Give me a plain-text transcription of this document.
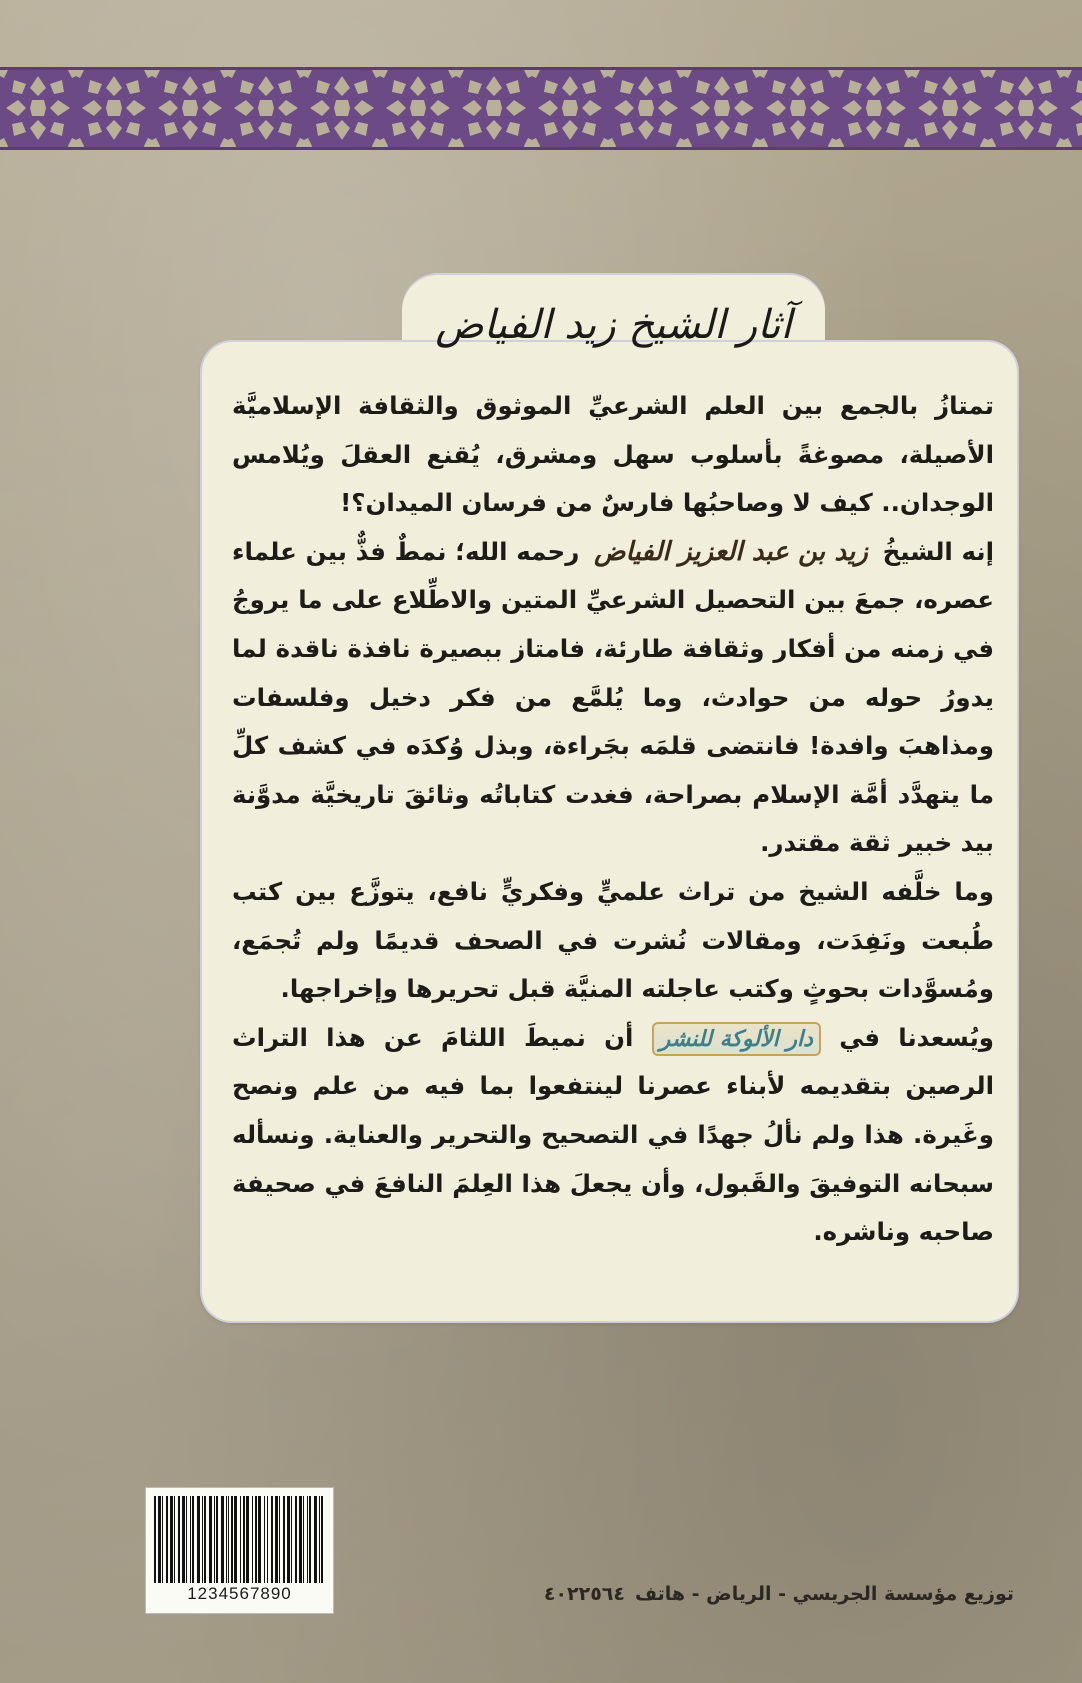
آثار الشيخ زيد الفياض

تمتازُ بالجمع بين العلم الشرعيِّ الموثوق والثقافة الإسلاميَّة الأصيلة، مصوغةً بأسلوب سهل ومشرق، يُقنع العقلَ ويُلامس الوجدان.. كيف لا وصاحبُها فارسٌ من فرسان الميدان؟!

إنه الشيخُ زيد بن عبد العزيز الفياض رحمه الله؛ نمطٌ فذٌّ بين علماء عصره، جمعَ بين التحصيل الشرعيِّ المتين والاطِّلاع على ما يروجُ في زمنه من أفكار وثقافة طارئة، فامتاز ببصيرة نافذة ناقدة لما يدورُ حوله من حوادث، وما يُلمَّع من فكر دخيل وفلسفات ومذاهبَ وافدة! فانتضى قلمَه بجَراءة، وبذل وُكدَه في كشف كلِّ ما يتهدَّد أمَّة الإسلام بصراحة، فغدت كتاباتُه وثائقَ تاريخيَّة مدوَّنة بيد خبير ثقة مقتدر.

وما خلَّفه الشيخ من تراث علميٍّ وفكريٍّ نافع، يتوزَّع بين كتب طُبعت ونَفِدَت، ومقالات نُشرت في الصحف قديمًا ولم تُجمَع، ومُسوَّدات بحوثٍ وكتب عاجلته المنيَّة قبل تحريرها وإخراجها.

ويُسعدنا في دار الألوكة للنشر أن نميطَ اللثامَ عن هذا التراث الرصين بتقديمه لأبناء عصرنا لينتفعوا بما فيه من علم ونصح وغَيرة. هذا ولم نألُ جهدًا في التصحيح والتحرير والعناية. ونسأله سبحانه التوفيقَ والقَبول، وأن يجعلَ هذا العِلمَ النافعَ في صحيفة صاحبه وناشره.

1234567890	توزيع مؤسسة الجريسي - الرياض - هاتف٤٠٢٢٥٦٤
